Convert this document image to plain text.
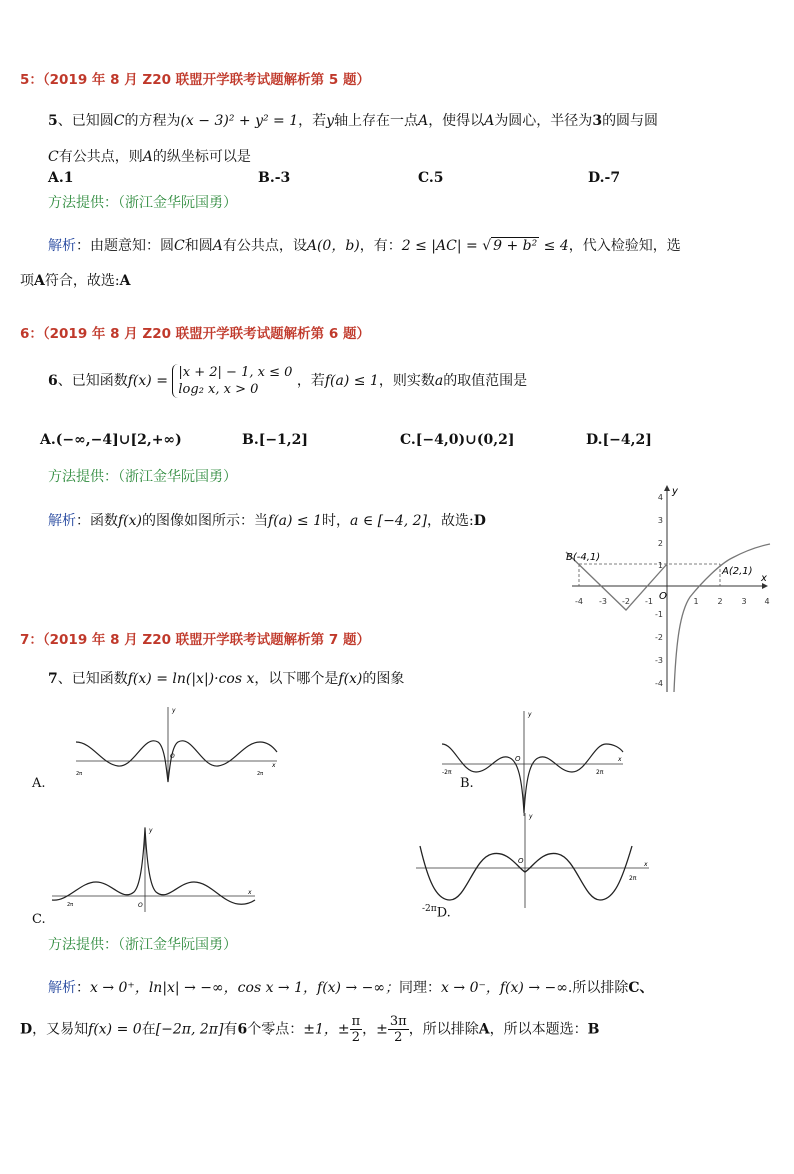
5：（2019 年 8 月 Z20 联盟开学联考试题解析第 5 题）
5、已知圆C的方程为(x − 3)² + y² = 1，若y轴上存在一点A，使得以A为圆心，半径为3的圆与圆
C有公共点，则A的纵坐标可以是
A.1	B.-3	C.5	D.-7
方法提供：（浙江金华阮国勇）
解析：由题意知：圆C和圆A有公共点，设A(0，b)，有：2 ≤ |AC| = √ 9 + b² ≤ 4，代入检验知，选
项A符合，故选:A
6：（2019 年 8 月 Z20 联盟开学联考试题解析第 6 题）
6、已知函数f(x) = |x + 2| − 1, x ≤ 0
log₂ x, x > 0 ，若f(a) ≤ 1，则实数a的取值范围是
A.(−∞,−4]∪[2,+∞)	B.[−1,2]	C.[−4,0)∪(0,2]	D.[−4,2]
方法提供：（浙江金华阮国勇）
解析：函数f(x)的图像如图所示：当f(a) ≤ 1时，a ∈ [−4, 2]，故选:D
x
y
O
4
3
2
1
-1
-2
-3
-4
-4 -3 -2 -1	1 2 3 4
B(-4,1)
A(2,1)
7：（2019 年 8 月 Z20 联盟开学联考试题解析第 7 题）
7、已知函数f(x) = ln(|x|)·cos x，以下哪个是f(x)的图象
y
x
O
2π	2π
A.
y
x
O
-2π	2π
B.
y
x
O
2π
C.
y
x
O
2π
$^{-2\pi}$D.
方法提供：（浙江金华阮国勇）
解析：x → 0⁺，ln|x| → −∞，cos x → 1，f(x) → −∞；同理：x → 0⁻，f(x) → −∞.所以排除C、
D，又易知f(x) = 0在[−2π, 2π]有6个零点：±1，± $\frac{\pi}{2}$ ，± $\frac{3\pi}{2}$ ，所以排除A，所以本题选：B
